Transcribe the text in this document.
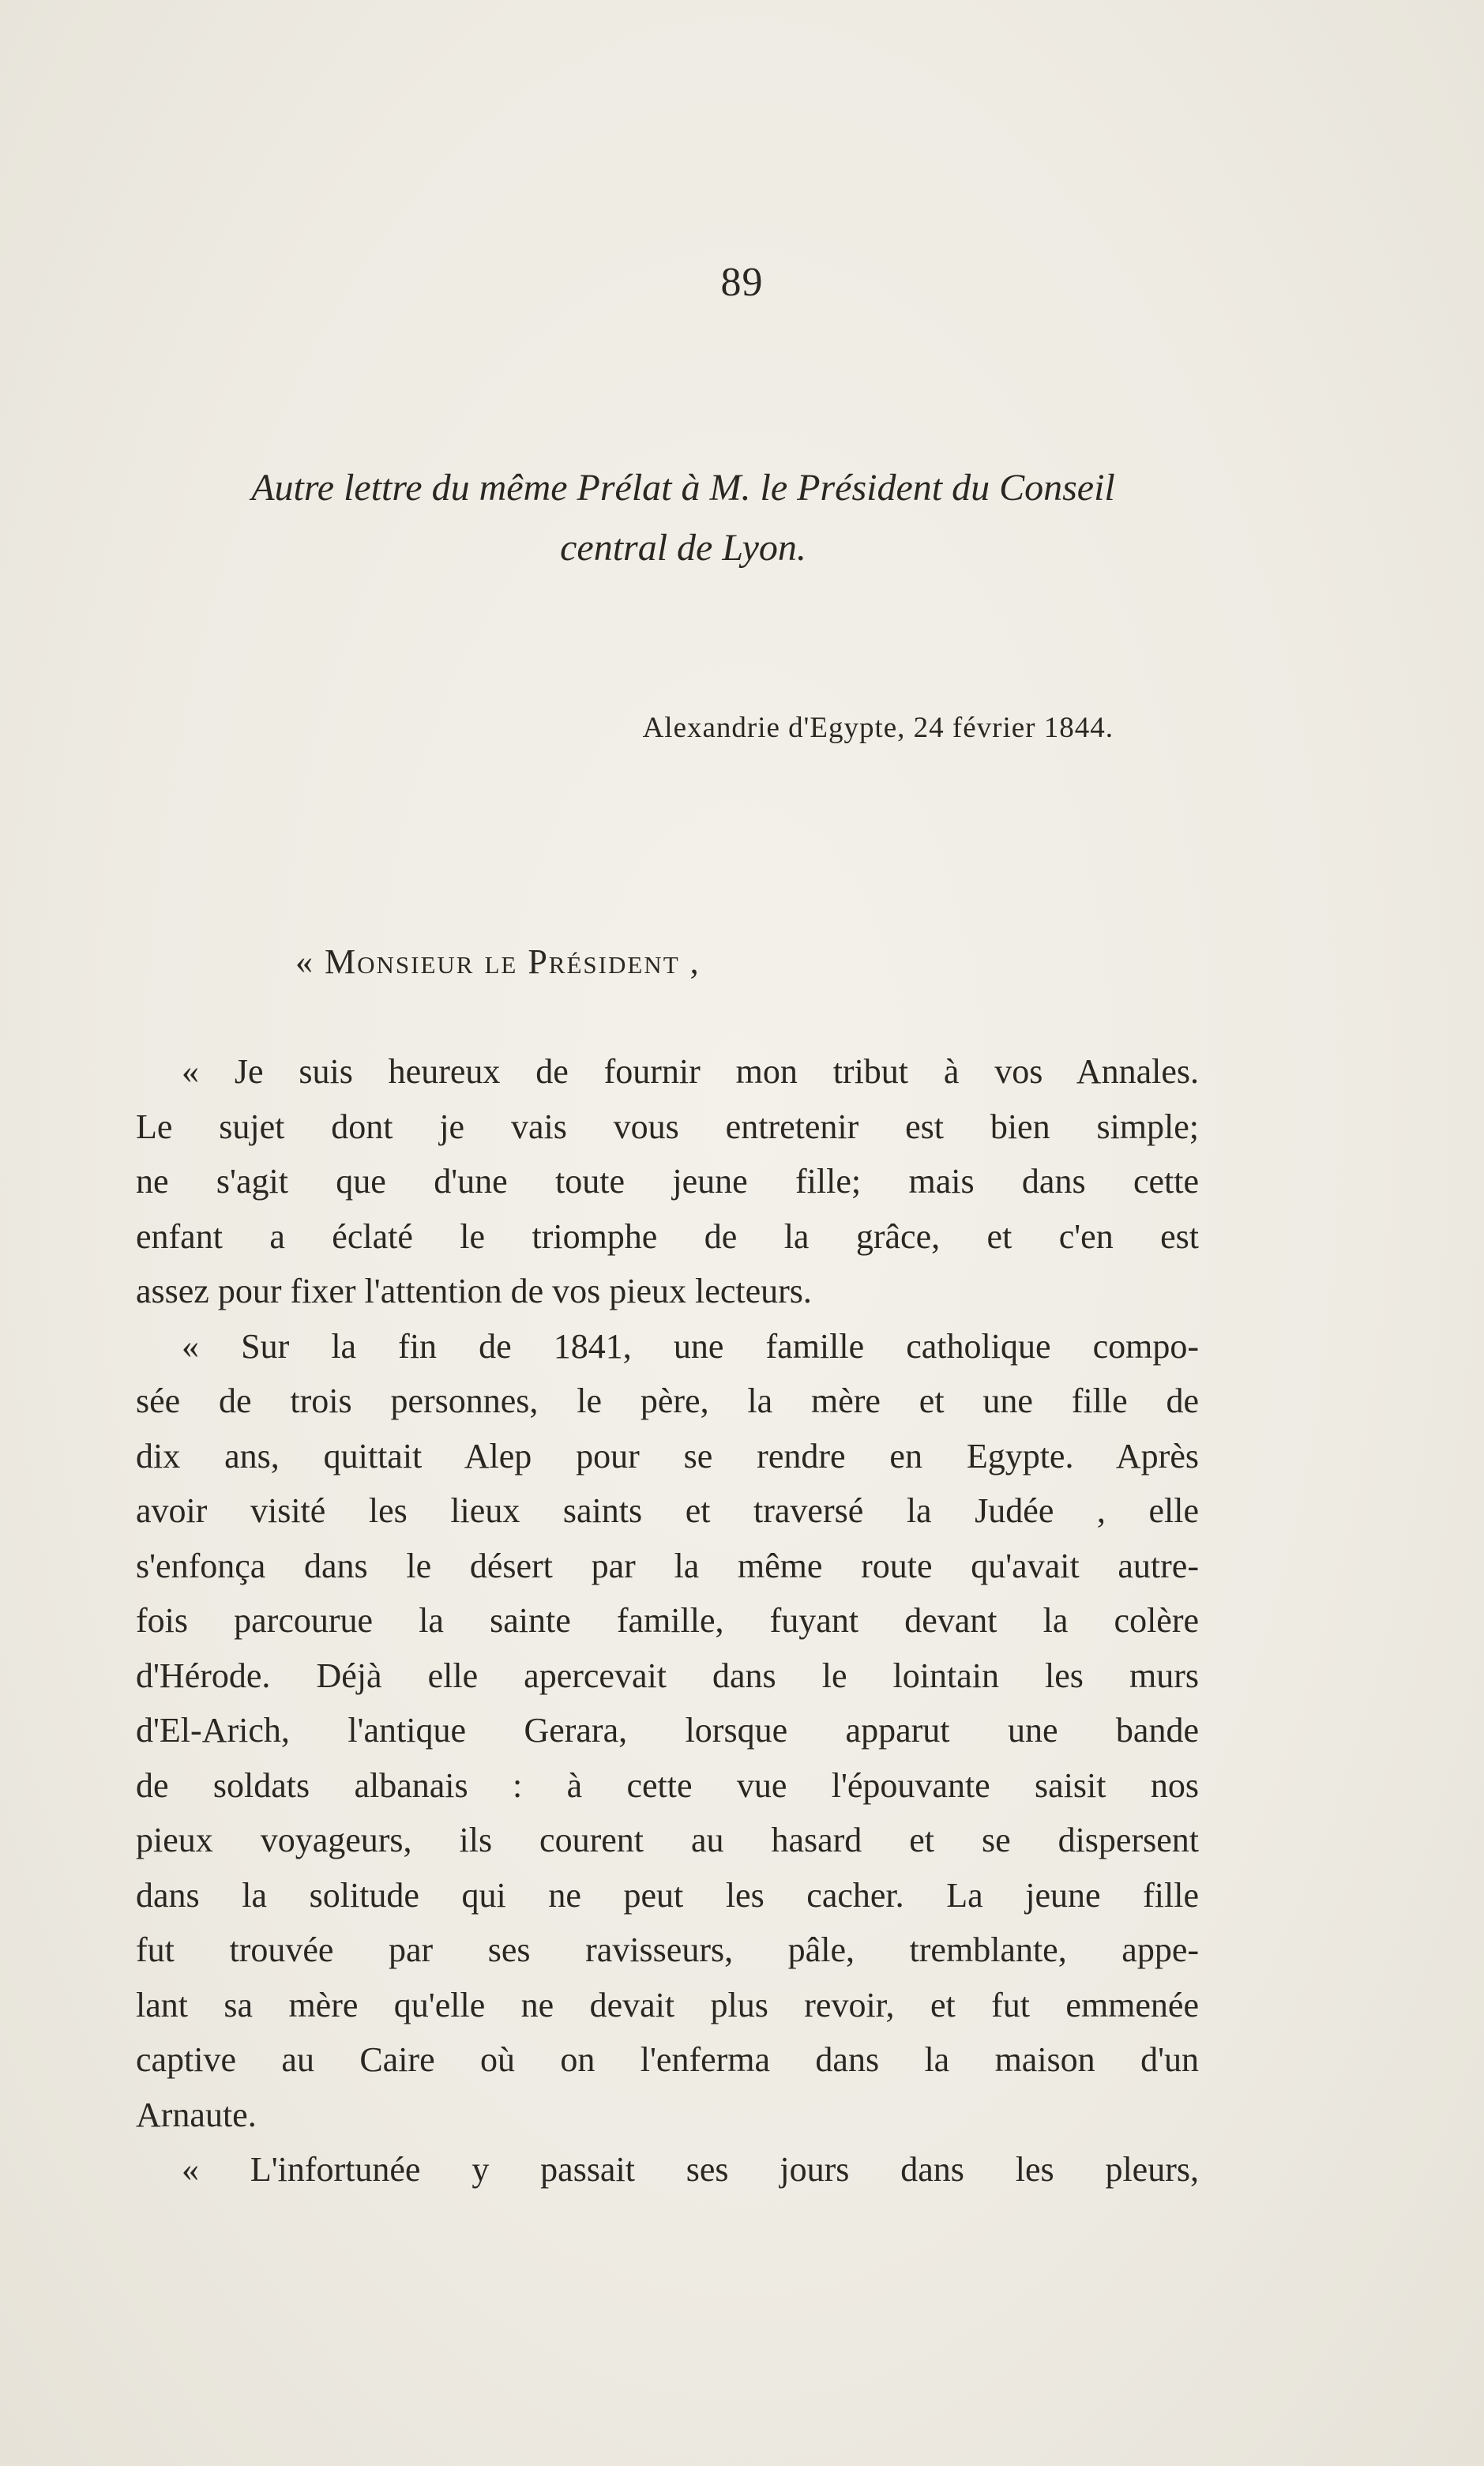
89
Autre lettre du même Prélat à M. le Président du Conseil
central de Lyon.
Alexandrie d'Egypte, 24 février 1844.
« Monsieur le Président ,
« Je suis heureux de fournir mon tribut à vos Annales.
Le sujet dont je vais vous entretenir est bien simple;
ne s'agit que d'une toute jeune fille; mais dans cette
enfant a éclaté le triomphe de la grâce, et c'en est
assez pour fixer l'attention de vos pieux lecteurs.
« Sur la fin de 1841, une famille catholique compo-
sée de trois personnes, le père, la mère et une fille de
dix ans, quittait Alep pour se rendre en Egypte. Après
avoir visité les lieux saints et traversé la Judée , elle
s'enfonça dans le désert par la même route qu'avait autre-
fois parcourue la sainte famille, fuyant devant la colère
d'Hérode. Déjà elle apercevait dans le lointain les murs
d'El-Arich, l'antique Gerara, lorsque apparut une bande
de soldats albanais : à cette vue l'épouvante saisit nos
pieux voyageurs, ils courent au hasard et se dispersent
dans la solitude qui ne peut les cacher. La jeune fille
fut trouvée par ses ravisseurs, pâle, tremblante, appe-
lant sa mère qu'elle ne devait plus revoir, et fut emmenée
captive au Caire où on l'enferma dans la maison d'un
Arnaute.
« L'infortunée y passait ses jours dans les pleurs,
